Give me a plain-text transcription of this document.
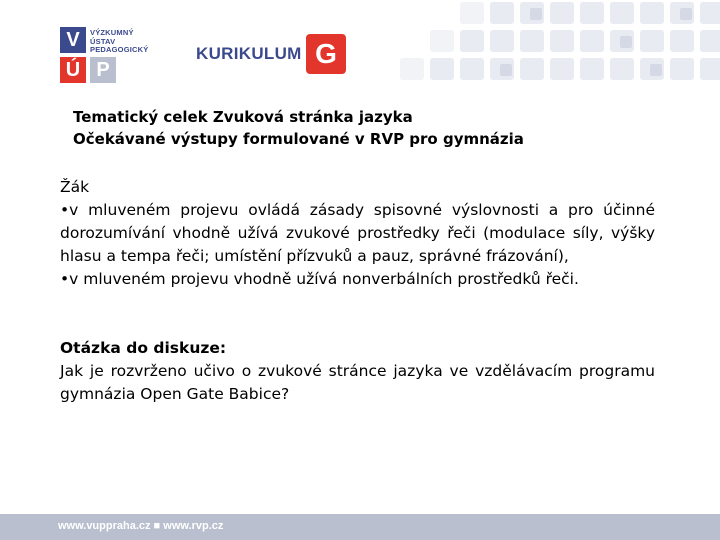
V
Ú P
VÝZKUMNÝ
ÚSTAV
PEDAGOGICKÝ	KURIKULUM G
Tematický celek Zvuková stránka jazyka
Očekávané výstupy formulované v RVP pro gymnázia

Žák

•v mluveném projevu ovládá zásady spisovné výslovnosti a pro účinné dorozumívání vhodně užívá zvukové prostředky řeči (modulace síly, výšky hlasu a tempa řeči; umístění přízvuků a pauz, správné frázování),

•v mluveném projevu vhodně užívá nonverbálních prostředků řeči.

Otázka do diskuze:
Jak je rozvrženo učivo o zvukové stránce jazyka ve vzdělávacím programu gymnázia Open Gate Babice?
www.vuppraha.cz ■ www.rvp.cz
